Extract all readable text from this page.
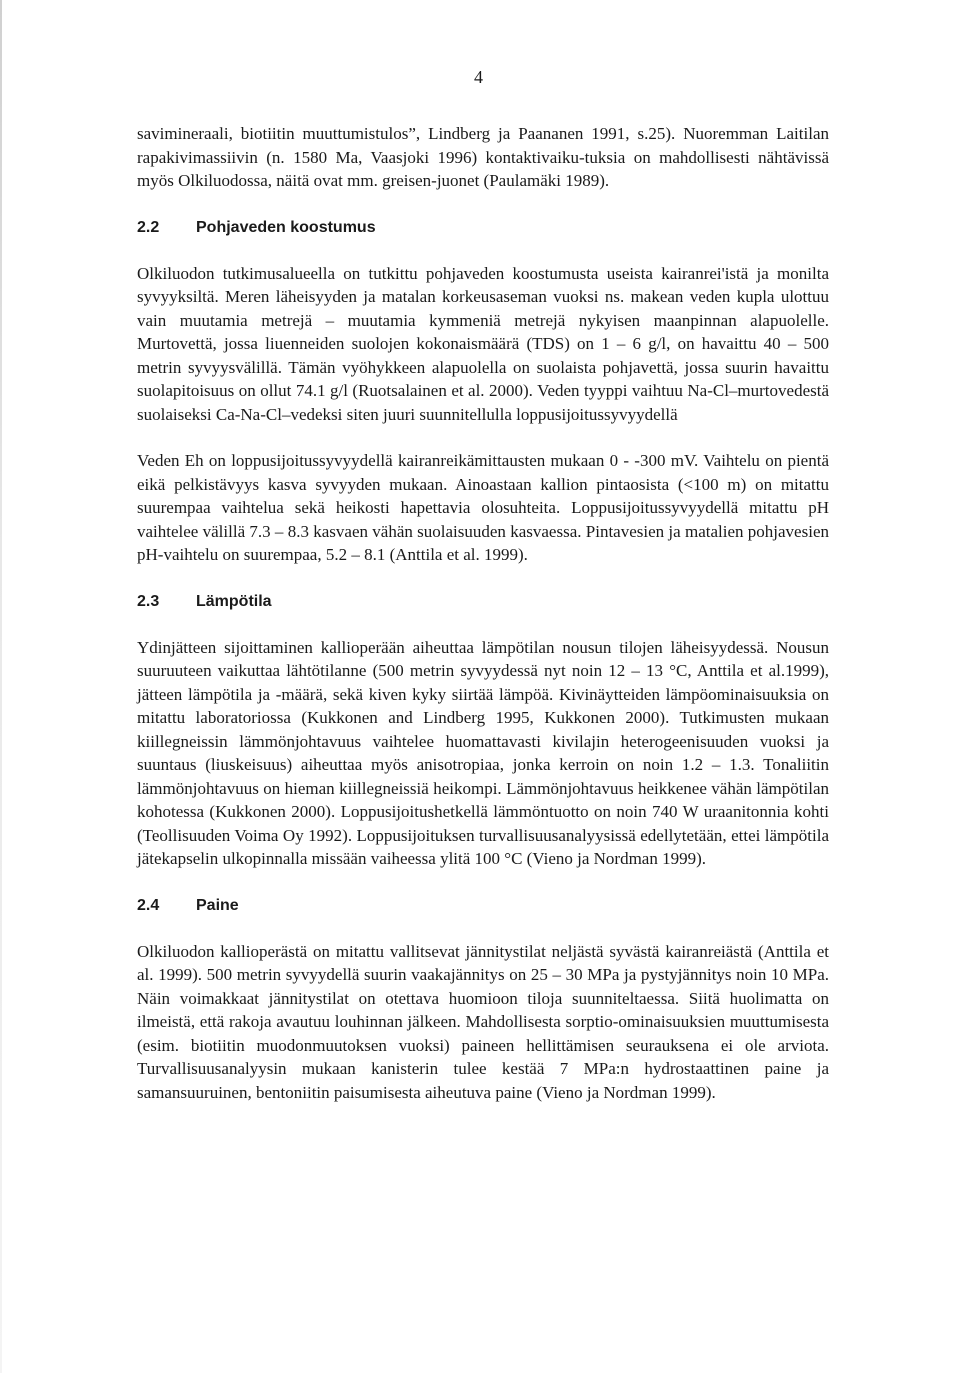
4

savimineraali, biotiitin muuttumistulos”, Lindberg ja Paananen 1991, s.25). Nuoremman Laitilan rapakivimassiivin (n. 1580 Ma, Vaasjoki 1996) kontaktivaiku-tuksia on mahdollisesti nähtävissä myös Olkiluodossa, näitä ovat mm. greisen-juonet (Paulamäki 1989).

2.2	Pohjaveden koostumus

Olkiluodon tutkimusalueella on tutkittu pohjaveden koostumusta useista kairanrei'istä ja monilta syvyyksiltä. Meren läheisyyden ja matalan korkeusaseman vuoksi ns. makean veden kupla ulottuu vain muutamia metrejä – muutamia kymmeniä metrejä nykyisen maanpinnan alapuolelle. Murtovettä, jossa liuenneiden suolojen kokonaismäärä (TDS) on 1 – 6 g/l, on havaittu 40 – 500 metrin syvyysvälillä. Tämän vyöhykkeen alapuolella on suolaista pohjavettä, jossa suurin havaittu suolapitoisuus on ollut 74.1 g/l (Ruotsalainen et al. 2000). Veden tyyppi vaihtuu Na-Cl–murtovedestä suolaiseksi Ca-Na-Cl–vedeksi siten juuri suunnitellulla loppusijoitussyvyydellä

Veden Eh on loppusijoitussyvyydellä kairanreikämittausten mukaan 0 - -300 mV. Vaihtelu on pientä eikä pelkistävyys kasva syvyyden mukaan. Ainoastaan kallion pintaosista (<100 m) on mitattu suurempaa vaihtelua sekä heikosti hapettavia olosuhteita. Loppusijoitussyvyydellä mitattu pH vaihtelee välillä 7.3 – 8.3 kasvaen vähän suolaisuuden kasvaessa. Pintavesien ja matalien pohjavesien pH-vaihtelu on suurempaa, 5.2 – 8.1 (Anttila et al. 1999).

2.3	Lämpötila

Ydinjätteen sijoittaminen kallioperään aiheuttaa lämpötilan nousun tilojen läheisyydessä. Nousun suuruuteen vaikuttaa lähtötilanne (500 metrin syvyydessä nyt noin 12 – 13 °C, Anttila et al.1999), jätteen lämpötila ja -määrä, sekä kiven kyky siirtää lämpöä. Kivinäytteiden lämpöominaisuuksia on mitattu laboratoriossa (Kukkonen and Lindberg 1995, Kukkonen 2000). Tutkimusten mukaan kiillegneissin lämmönjohtavuus vaihtelee huomattavasti kivilajin heterogeenisuuden vuoksi ja suuntaus (liuskeisuus) aiheuttaa myös anisotropiaa, jonka kerroin on noin 1.2 – 1.3. Tonaliitin lämmönjohtavuus on hieman kiillegneissiä heikompi. Lämmönjohtavuus heikkenee vähän lämpötilan kohotessa (Kukkonen 2000). Loppusijoitushetkellä lämmöntuotto on noin 740 W uraanitonnia kohti (Teollisuuden Voima Oy 1992). Loppusijoituksen turvallisuusanalyysissä edellytetään, ettei lämpötila jätekapselin ulkopinnalla missään vaiheessa ylitä 100 °C (Vieno ja Nordman 1999).

2.4	Paine

Olkiluodon kallioperästä on mitattu vallitsevat jännitystilat neljästä syvästä kairanreiästä (Anttila et al. 1999). 500 metrin syvyydellä suurin vaakajännitys on 25 – 30 MPa ja pystyjännitys noin 10 MPa. Näin voimakkaat jännitystilat on otettava huomioon tiloja suunniteltaessa. Siitä huolimatta on ilmeistä, että rakoja avautuu louhinnan jälkeen. Mahdollisesta sorptio-ominaisuuksien muuttumisesta (esim. biotiitin muodonmuutoksen vuoksi) paineen hellittämisen seurauksena ei ole arviota. Turvallisuusanalyysin mukaan kanisterin tulee kestää 7 MPa:n hydrostaattinen paine ja samansuuruinen, bentoniitin paisumisesta aiheutuva paine (Vieno ja Nordman 1999).
